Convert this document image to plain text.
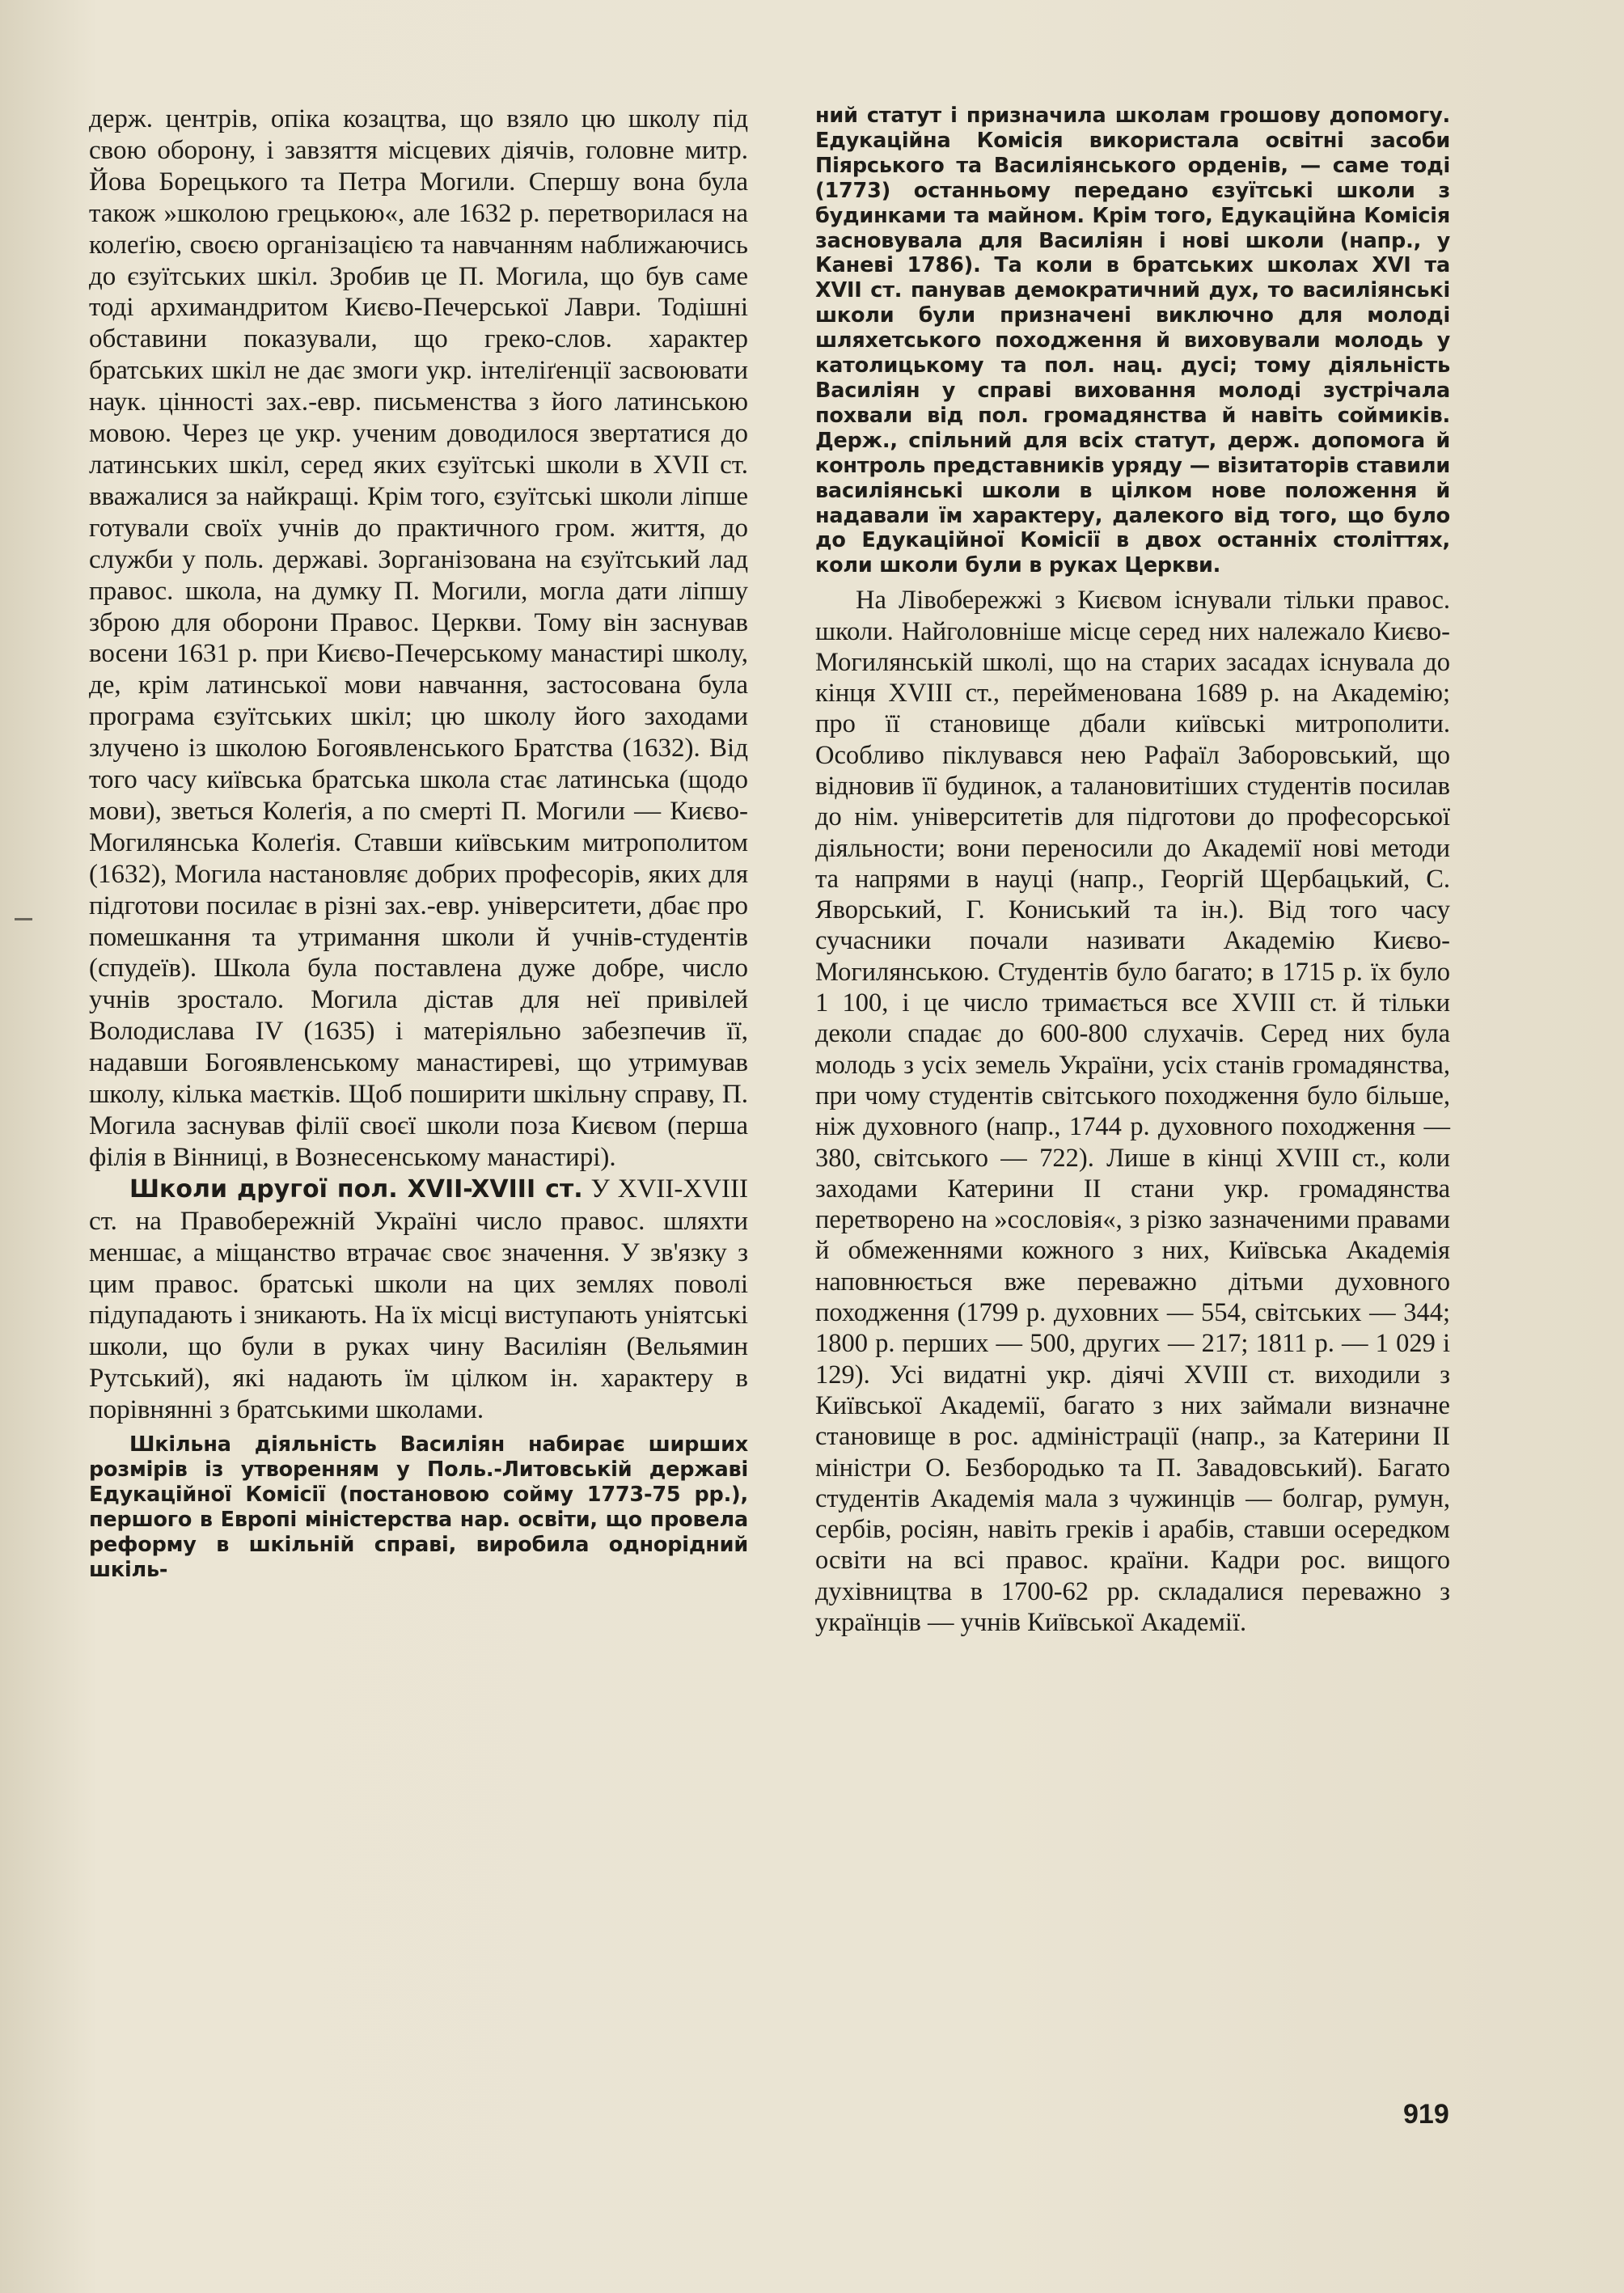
держ. центрів, опіка козацтва, що взяло цю школу під свою оборону, і завзяття місцевих діячів, головне митр. Йова Борецького та Петра Могили. Спершу вона була також »школою грецькою«, але 1632 р. перетворилася на колеґію, своєю організацією та навчанням наближаючись до єзуїтських шкіл. Зробив це П. Могила, що був саме тоді архимандритом Києво-Печерської Лаври. Тодішні обставини показували, що греко-слов. характер братських шкіл не дає змоги укр. інтеліґенції засвоювати наук. цінності зах.-евр. письменства з його латинською мовою. Через це укр. ученим доводилося звертатися до латинських шкіл, серед яких єзуїтські школи в XVII ст. вважалися за найкращі. Крім того, єзуїтські школи ліпше готували своїх учнів до практичного гром. життя, до служби у поль. державі. Зорганізована на єзуїтський лад правос. школа, на думку П. Могили, могла дати ліпшу зброю для оборони Правос. Церкви. Тому він заснував восени 1631 р. при Києво-Печерському манастирі школу, де, крім латинської мови навчання, застосована була програма єзуїтських шкіл; цю школу його заходами злучено із школою Богоявленського Братства (1632). Від того часу київська братська школа стає латинська (щодо мови), зветься Колеґія, а по смерті П. Могили — Києво-Могилянська Колеґія. Ставши київським митрополитом (1632), Могила настановляє добрих професорів, яких для підготови посилає в різні зах.-евр. університети, дбає про помешкання та утримання школи й учнів-студентів (спудеїв). Школа була поставлена дуже добре, число учнів зростало. Могила дістав для неї привілей Володислава IV (1635) і матеріяльно забезпечив її, надавши Богоявленському манастиреві, що утримував школу, кілька маєтків. Щоб поширити шкільну справу, П. Могила заснував філії своєї школи поза Києвом (перша філія в Вінниці, в Вознесенському манастирі).

Школи другої пол. XVII-XVIII ст. У XVII-XVIII ст. на Правобережній Україні число правос. шляхти меншає, а міщанство втрачає своє значення. У зв'язку з цим правос. братські школи на цих землях поволі підупадають і зникають. На їх місці виступають уніятські школи, що були в руках чину Василіян (Вельямин Рутський), які надають їм цілком ін. характеру в порівнянні з братськими школами.

Шкільна діяльність Василіян набирає ширших розмірів із утворенням у Поль.-Литовській державі Едукаційної Комісії (постановою сойму 1773-75 рр.), першого в Европі міністерства нар. освіти, що провела реформу в шкільній справі, виробила однорідний шкіль-

ний статут і призначила школам грошову допомогу. Едукаційна Комісія використала освітні засоби Піярського та Василіянського орденів, — саме тоді (1773) останньому передано єзуїтські школи з будинками та майном. Крім того, Едукаційна Комісія засновувала для Василіян і нові школи (напр., у Каневі 1786). Та коли в братських школах XVI та XVII ст. панував демократичний дух, то василіянські школи були призначені виключно для молоді шляхетського походження й виховували молодь у католицькому та пол. нац. дусі; тому діяльність Василіян у справі виховання молоді зустрічала похвали від пол. громадянства й навіть соймиків. Держ., спільний для всіх статут, держ. допомога й контроль представників уряду — візитаторів ставили василіянські школи в цілком нове положення й надавали їм характеру, далекого від того, що було до Едукаційної Комісії в двох останніх століттях, коли школи були в руках Церкви.

На Лівобережжі з Києвом існували тільки правос. школи. Найголовніше місце серед них належало Києво-Могилянській школі, що на старих засадах існувала до кінця XVIII ст., перейменована 1689 р. на Академію; про її становище дбали київські митрополити. Особливо піклувався нею Рафаїл Заборовський, що відновив її будинок, а талановитіших студентів посилав до нім. університетів для підготови до професорської діяльности; вони переносили до Академії нові методи та напрями в науці (напр., Георгій Щербацький, С. Яворський, Г. Кониський та ін.). Від того часу сучасники почали називати Академію Києво-Могилянською. Студентів було багато; в 1715 р. їх було 1 100, і це число тримається все XVIII ст. й тільки деколи спадає до 600-800 слухачів. Серед них була молодь з усіх земель України, усіх станів громадянства, при чому студентів світського походження було більше, ніж духовного (напр., 1744 р. духовного походження — 380, світського — 722). Лише в кінці XVIII ст., коли заходами Катерини II стани укр. громадянства перетворено на »сословія«, з різко зазначеними правами й обмеженнями кожного з них, Київська Академія наповнюється вже переважно дітьми духовного походження (1799 р. духовних — 554, світських — 344; 1800 р. перших — 500, других — 217; 1811 р. — 1 029 і 129). Усі видатні укр. діячі XVIII ст. виходили з Київської Академії, багато з них займали визначне становище в рос. адміністрації (напр., за Катерини II міністри О. Безбородько та П. Завадовський). Багато студентів Академія мала з чужинців — болгар, румун, сербів, росіян, навіть греків і арабів, ставши осередком освіти на всі правос. країни. Кадри рос. вищого духівництва в 1700-62 рр. складалися переважно з українців — учнів Київської Академії.

919
